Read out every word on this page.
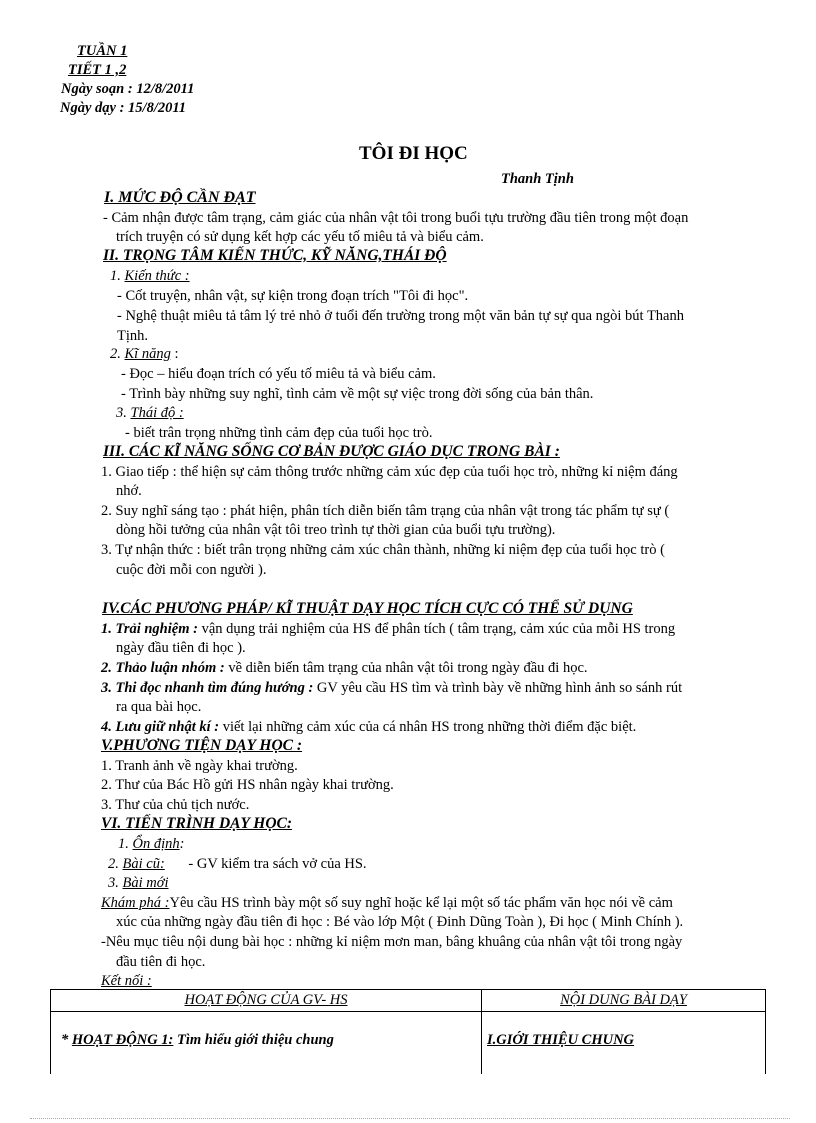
TUẦN 1
TIẾT 1 ,2
Ngày soạn : 12/8/2011
Ngày dạy : 15/8/2011
TÔI ĐI HỌC
Thanh Tịnh
I. MỨC ĐỘ CẦN ĐẠT
- Cảm nhận được tâm trạng, cảm giác của nhân vật tôi trong buổi tựu trường đầu tiên trong một đoạn
trích truyện có sử dụng kết hợp các yếu tố miêu tả và biểu cảm.
II. TRỌNG TÂM KIẾN THỨC, KỸ NĂNG,THÁI ĐỘ
1. Kiến thức :
- Cốt truyện, nhân vật, sự kiện trong đoạn trích "Tôi đi học".
- Nghệ thuật miêu tả tâm lý trẻ nhỏ ở tuổi đến trường trong một văn bản tự sự qua ngòi bút Thanh
Tịnh.
2. Kĩ năng :
- Đọc – hiểu đoạn trích có yếu tố miêu tả và biểu cảm.
- Trình bày những suy nghĩ, tình cảm về một sự việc trong đời sống của bản thân.
3. Thái độ :
- biết trân trọng những tình cảm đẹp của tuổi học trò.
III. CÁC KĨ NĂNG SỐNG CƠ BẢN ĐƯỢC GIÁO DỤC TRONG BÀI :
1. Giao tiếp : thể hiện sự cảm thông trước những cảm xúc đẹp của tuổi học trò, những kỉ niệm đáng
nhớ.
2. Suy nghĩ sáng tạo : phát hiện, phân tích diễn biến tâm trạng của nhân vật trong tác phẩm tự sự (
dòng hồi tưởng của nhân vật tôi treo trình tự thời gian của buổi tựu trường).
3. Tự nhận thức : biết trân trọng những cảm xúc chân thành, những kỉ niệm đẹp của tuổi học trò (
cuộc đời mỗi con người ).
IV.CÁC PHƯƠNG PHÁP/ KĨ THUẬT DẠY HỌC TÍCH CỰC CÓ THỂ SỬ DỤNG
1. Trải nghiệm : vận dụng trải nghiệm của HS để phân tích ( tâm trạng, cảm xúc của mỗi HS trong
ngày đầu tiên đi học ).
2. Thảo luận nhóm : về diễn biến tâm trạng của nhân vật tôi trong ngày đầu đi học.
3. Thi đọc nhanh tìm đúng hướng : GV yêu cầu HS tìm và trình bày về những hình ảnh so sánh rút
ra qua bài học.
4. Lưu giữ nhật kí : viết lại những cảm xúc của cá nhân HS trong những thời điểm đặc biệt.
V.PHƯƠNG TIỆN DẠY HỌC :
1. Tranh ảnh về ngày khai trường.
2. Thư của Bác Hồ gửi HS nhân ngày khai trường.
3. Thư của chủ tịch nước.
VI. TIẾN TRÌNH DẠY HỌC:
1. Ổn định:
2. Bài cũ: - GV kiểm tra sách vở của HS.
3. Bài mới
Khám phá :Yêu cầu HS trình bày một số suy nghĩ hoặc kể lại một số tác phẩm văn học nói về cảm
xúc của những ngày đầu tiên đi học : Bé vào lớp Một ( Đinh Dũng Toàn ), Đi học ( Minh Chính ).
-Nêu mục tiêu nội dung bài học : những kỉ niệm mơn man, bâng khuâng của nhân vật tôi trong ngày
đầu tiên đi học.
Kết nối :
HOẠT ĐỘNG CỦA GV- HS	NỘI DUNG BÀI DẠY
* HOẠT ĐỘNG 1: Tìm hiểu giới thiệu chung	I.GIỚI THIỆU CHUNG
